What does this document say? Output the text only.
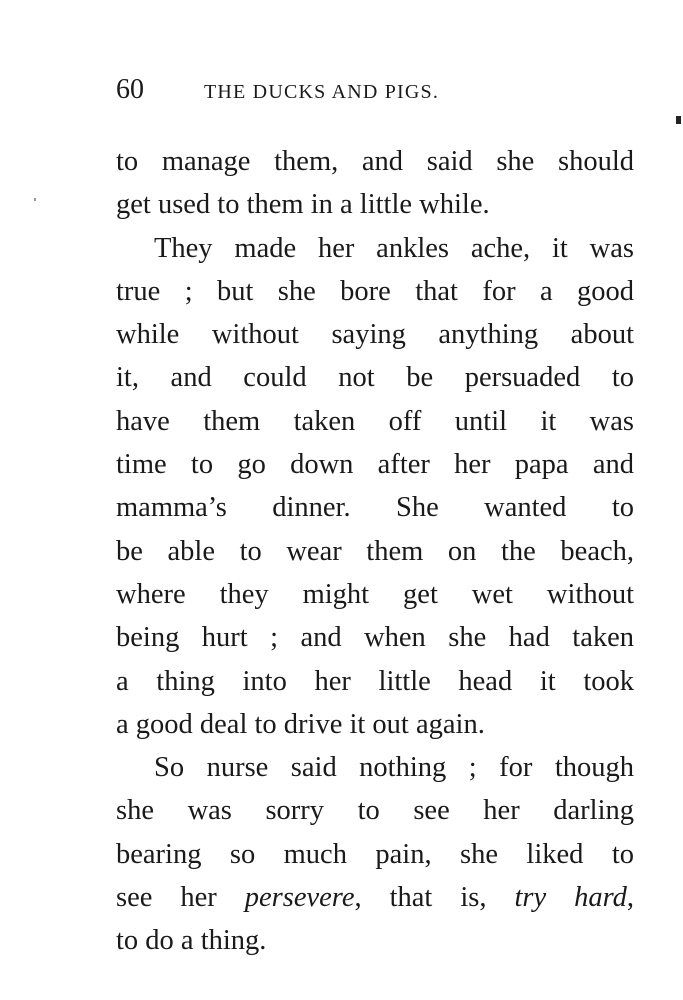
60	THE DUCKS AND PIGS.
to manage them, and said she should
get used to them in a little while.
They made her ankles ache, it was
true ; but she bore that for a good
while without saying anything about
it, and could not be persuaded to
have them taken off until it was
time to go down after her papa and
mamma’s dinner. She wanted to
be able to wear them on the beach,
where they might get wet without
being hurt ; and when she had taken
a thing into her little head it took
a good deal to drive it out again.
So nurse said nothing ; for though
she was sorry to see her darling
bearing so much pain, she liked to
see her persevere, that is, try hard,
to do a thing.
